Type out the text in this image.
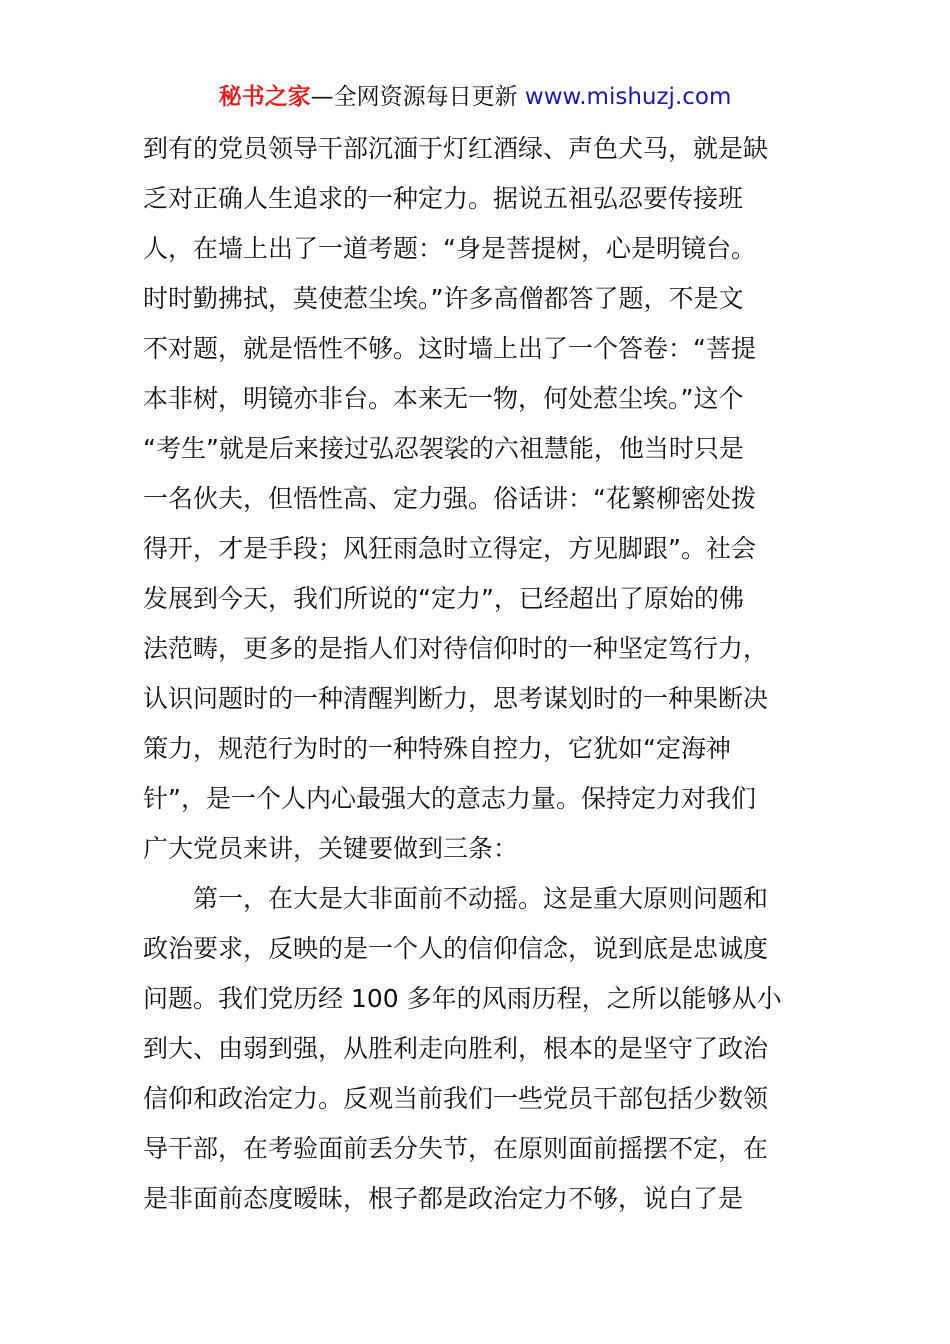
秘书之家—全网资源每日更新 www.mishuzj.com
到有的党员领导干部沉湎于灯红酒绿、声色犬马，就是缺
乏对正确人生追求的一种定力。据说五祖弘忍要传接班
人，在墙上出了一道考题：“身是菩提树，心是明镜台。
时时勤拂拭，莫使惹尘埃。”许多高僧都答了题，不是文
不对题，就是悟性不够。这时墙上出了一个答卷：“菩提
本非树，明镜亦非台。本来无一物，何处惹尘埃。”这个
“考生”就是后来接过弘忍袈裟的六祖慧能，他当时只是
一名伙夫，但悟性高、定力强。俗话讲：“花繁柳密处拨
得开，才是手段；风狂雨急时立得定，方见脚跟”。社会
发展到今天，我们所说的“定力”，已经超出了原始的佛
法范畴，更多的是指人们对待信仰时的一种坚定笃行力，
认识问题时的一种清醒判断力，思考谋划时的一种果断决
策力，规范行为时的一种特殊自控力，它犹如“定海神
针”，是一个人内心最强大的意志力量。保持定力对我们
广大党员来讲，关键要做到三条：
第一，在大是大非面前不动摇。这是重大原则问题和
政治要求，反映的是一个人的信仰信念，说到底是忠诚度
问题。我们党历经 100 多年的风雨历程，之所以能够从小
到大、由弱到强，从胜利走向胜利，根本的是坚守了政治
信仰和政治定力。反观当前我们一些党员干部包括少数领
导干部，在考验面前丢分失节，在原则面前摇摆不定，在
是非面前态度暧昧，根子都是政治定力不够，说白了是
